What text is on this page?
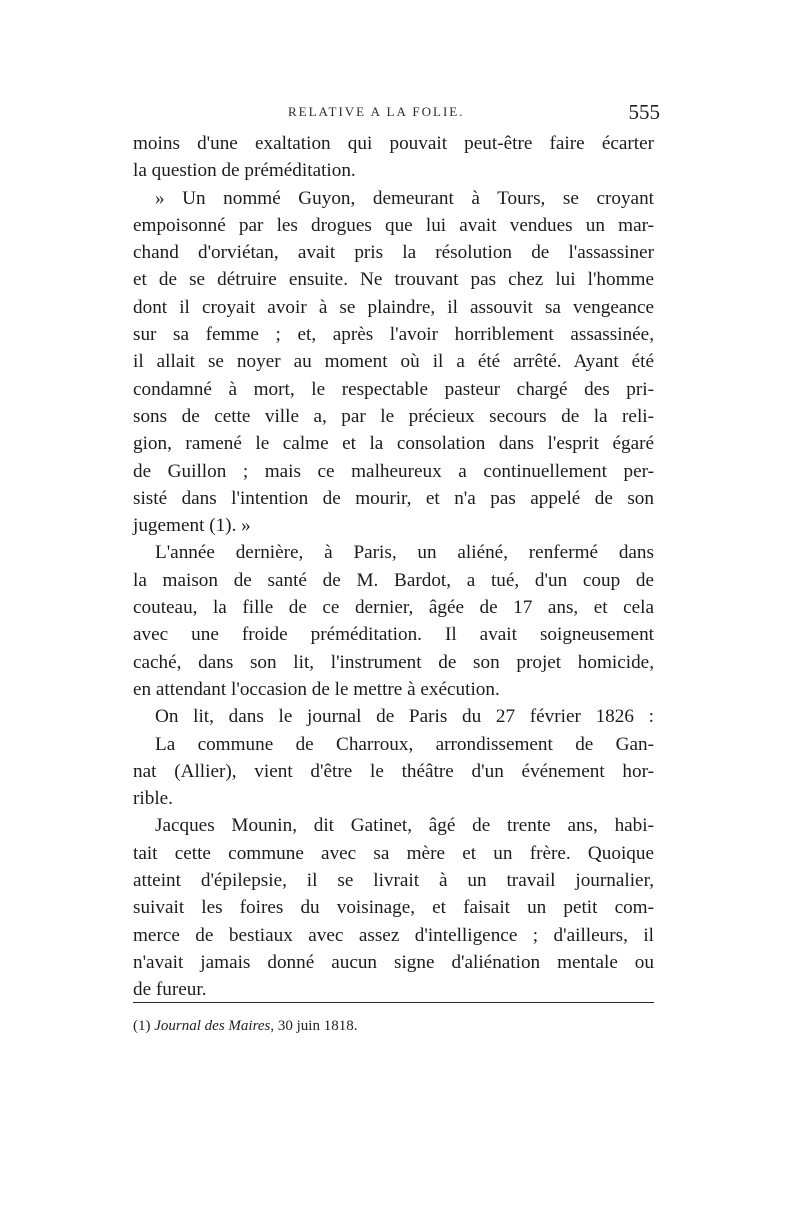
RELATIVE A LA FOLIE.	555
moins d'une exaltation qui pouvait peut-être faire écarter
la question de préméditation.
» Un nommé Guyon, demeurant à Tours, se croyant
empoisonné par les drogues que lui avait vendues un mar-
chand d'orviétan, avait pris la résolution de l'assassiner
et de se détruire ensuite. Ne trouvant pas chez lui l'homme
dont il croyait avoir à se plaindre, il assouvit sa vengeance
sur sa femme ; et, après l'avoir horriblement assassinée,
il allait se noyer au moment où il a été arrêté. Ayant été
condamné à mort, le respectable pasteur chargé des pri-
sons de cette ville a, par le précieux secours de la reli-
gion, ramené le calme et la consolation dans l'esprit égaré
de Guillon ; mais ce malheureux a continuellement per-
sisté dans l'intention de mourir, et n'a pas appelé de son
jugement (1). »
L'année dernière, à Paris, un aliéné, renfermé dans
la maison de santé de M. Bardot, a tué, d'un coup de
couteau, la fille de ce dernier, âgée de 17 ans, et cela
avec une froide préméditation. Il avait soigneusement
caché, dans son lit, l'instrument de son projet homicide,
en attendant l'occasion de le mettre à exécution.
On lit, dans le journal de Paris du 27 février 1826 :
La commune de Charroux, arrondissement de Gan-
nat (Allier), vient d'être le théâtre d'un événement hor-
rible.
Jacques Mounin, dit Gatinet, âgé de trente ans, habi-
tait cette commune avec sa mère et un frère. Quoique
atteint d'épilepsie, il se livrait à un travail journalier,
suivait les foires du voisinage, et faisait un petit com-
merce de bestiaux avec assez d'intelligence ; d'ailleurs, il
n'avait jamais donné aucun signe d'aliénation mentale ou
de fureur.
(1) Journal des Maires, 30 juin 1818.
